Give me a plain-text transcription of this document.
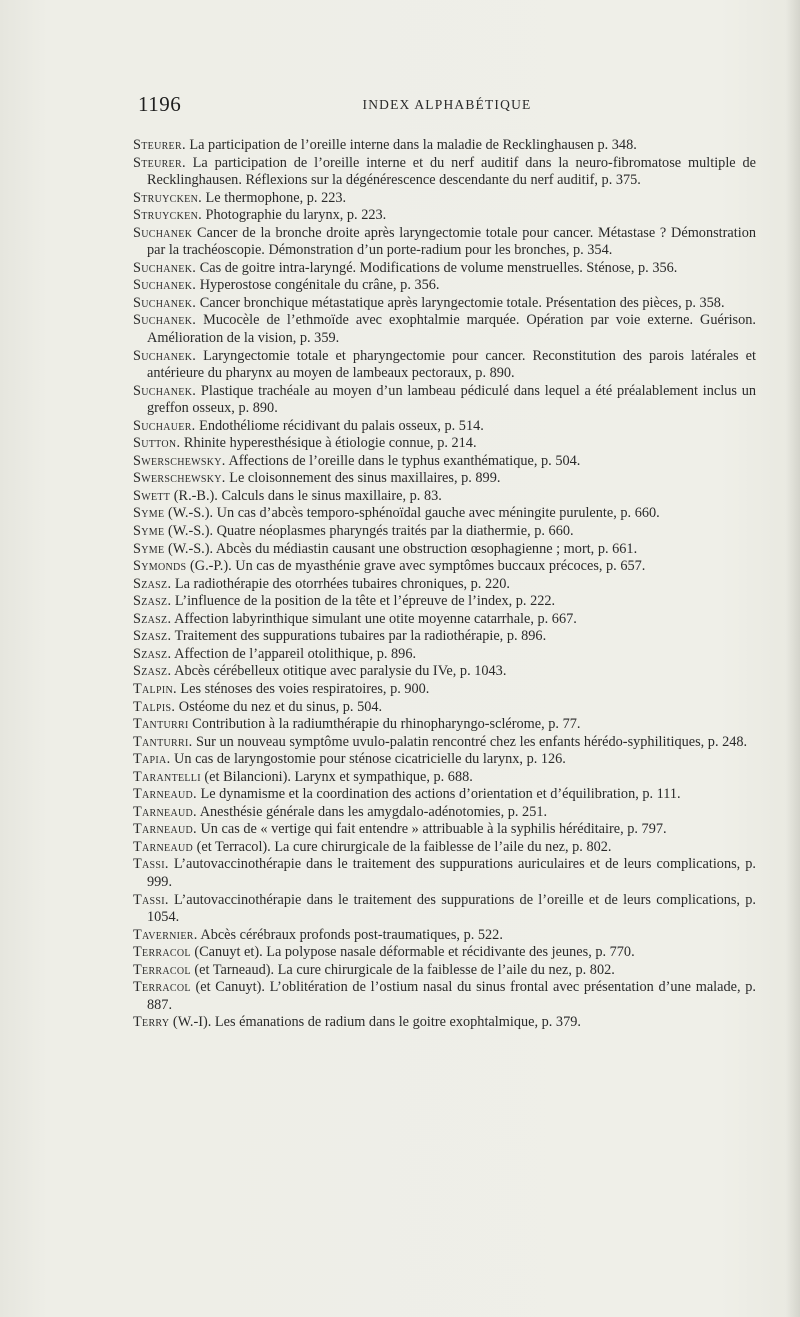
1196	INDEX ALPHABÉTIQUE

Steurer. La participation de l’oreille interne dans la maladie de Recklinghausen p. 348.

Steurer. La participation de l’oreille interne et du nerf auditif dans la neuro-fibromatose multiple de Recklinghausen. Réflexions sur la dégénérescence descendante du nerf auditif, p. 375.

Struycken. Le thermophone, p. 223.

Struycken. Photographie du larynx, p. 223.

Suchanek Cancer de la bronche droite après laryngectomie totale pour cancer. Métastase ? Démonstration par la trachéoscopie. Démonstration d’un porte-radium pour les bronches, p. 354.

Suchanek. Cas de goitre intra-laryngé. Modifications de volume menstruelles. Sténose, p. 356.

Suchanek. Hyperostose congénitale du crâne, p. 356.

Suchanek. Cancer bronchique métastatique après laryngectomie totale. Présentation des pièces, p. 358.

Suchanek. Mucocèle de l’ethmoïde avec exophtalmie marquée. Opération par voie externe. Guérison. Amélioration de la vision, p. 359.

Suchanek. Laryngectomie totale et pharyngectomie pour cancer. Reconstitution des parois latérales et antérieure du pharynx au moyen de lambeaux pectoraux, p. 890.

Suchanek. Plastique trachéale au moyen d’un lambeau pédiculé dans lequel a été préalablement inclus un greffon osseux, p. 890.

Suchauer. Endothéliome récidivant du palais osseux, p. 514.

Sutton. Rhinite hyperesthésique à étiologie connue, p. 214.

Swerschewsky. Affections de l’oreille dans le typhus exanthématique, p. 504.

Swerschewsky. Le cloisonnement des sinus maxillaires, p. 899.

Swett (R.-B.). Calculs dans le sinus maxillaire, p. 83.

Syme (W.-S.). Un cas d’abcès temporo-sphénoïdal gauche avec méningite purulente, p. 660.

Syme (W.-S.). Quatre néoplasmes pharyngés traités par la diathermie, p. 660.

Syme (W.-S.). Abcès du médiastin causant une obstruction œsophagienne ; mort, p. 661.

Symonds (G.-P.). Un cas de myasthénie grave avec symptômes buccaux précoces, p. 657.

Szasz. La radiothérapie des otorrhées tubaires chroniques, p. 220.

Szasz. L’influence de la position de la tête et l’épreuve de l’index, p. 222.

Szasz. Affection labyrinthique simulant une otite moyenne catarrhale, p. 667.

Szasz. Traitement des suppurations tubaires par la radiothérapie, p. 896.

Szasz. Affection de l’appareil otolithique, p. 896.

Szasz. Abcès cérébelleux otitique avec paralysie du IVe, p. 1043.

Talpin. Les sténoses des voies respiratoires, p. 900.

Talpis. Ostéome du nez et du sinus, p. 504.

Tanturri Contribution à la radiumthérapie du rhinopharyngo-sclérome, p. 77.

Tanturri. Sur un nouveau symptôme uvulo-palatin rencontré chez les enfants hérédo-syphilitiques, p. 248.

Tapia. Un cas de laryngostomie pour sténose cicatricielle du larynx, p. 126.

Tarantelli (et Bilancioni). Larynx et sympathique, p. 688.

Tarneaud. Le dynamisme et la coordination des actions d’orientation et d’équilibration, p. 111.

Tarneaud. Anesthésie générale dans les amygdalo-adénotomies, p. 251.

Tarneaud. Un cas de « vertige qui fait entendre » attribuable à la syphilis héréditaire, p. 797.

Tarneaud (et Terracol). La cure chirurgicale de la faiblesse de l’aile du nez, p. 802.

Tassi. L’autovaccinothérapie dans le traitement des suppurations auriculaires et de leurs complications, p. 999.

Tassi. L’autovaccinothérapie dans le traitement des suppurations de l’oreille et de leurs complications, p. 1054.

Tavernier. Abcès cérébraux profonds post-traumatiques, p. 522.

Terracol (Canuyt et). La polypose nasale déformable et récidivante des jeunes, p. 770.

Terracol (et Tarneaud). La cure chirurgicale de la faiblesse de l’aile du nez, p. 802.

Terracol (et Canuyt). L’oblitération de l’ostium nasal du sinus frontal avec présentation d’une malade, p. 887.

Terry (W.-I). Les émanations de radium dans le goitre exophtalmique, p. 379.
